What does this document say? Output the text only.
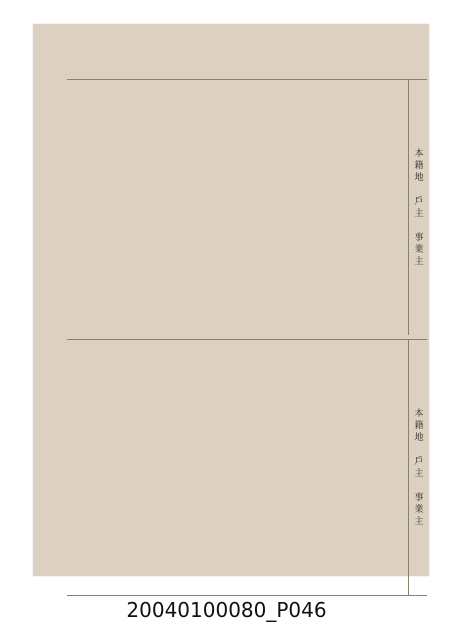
本籍地　戶主　事業主
本籍地　戶主　事業主
20040100080_P046
